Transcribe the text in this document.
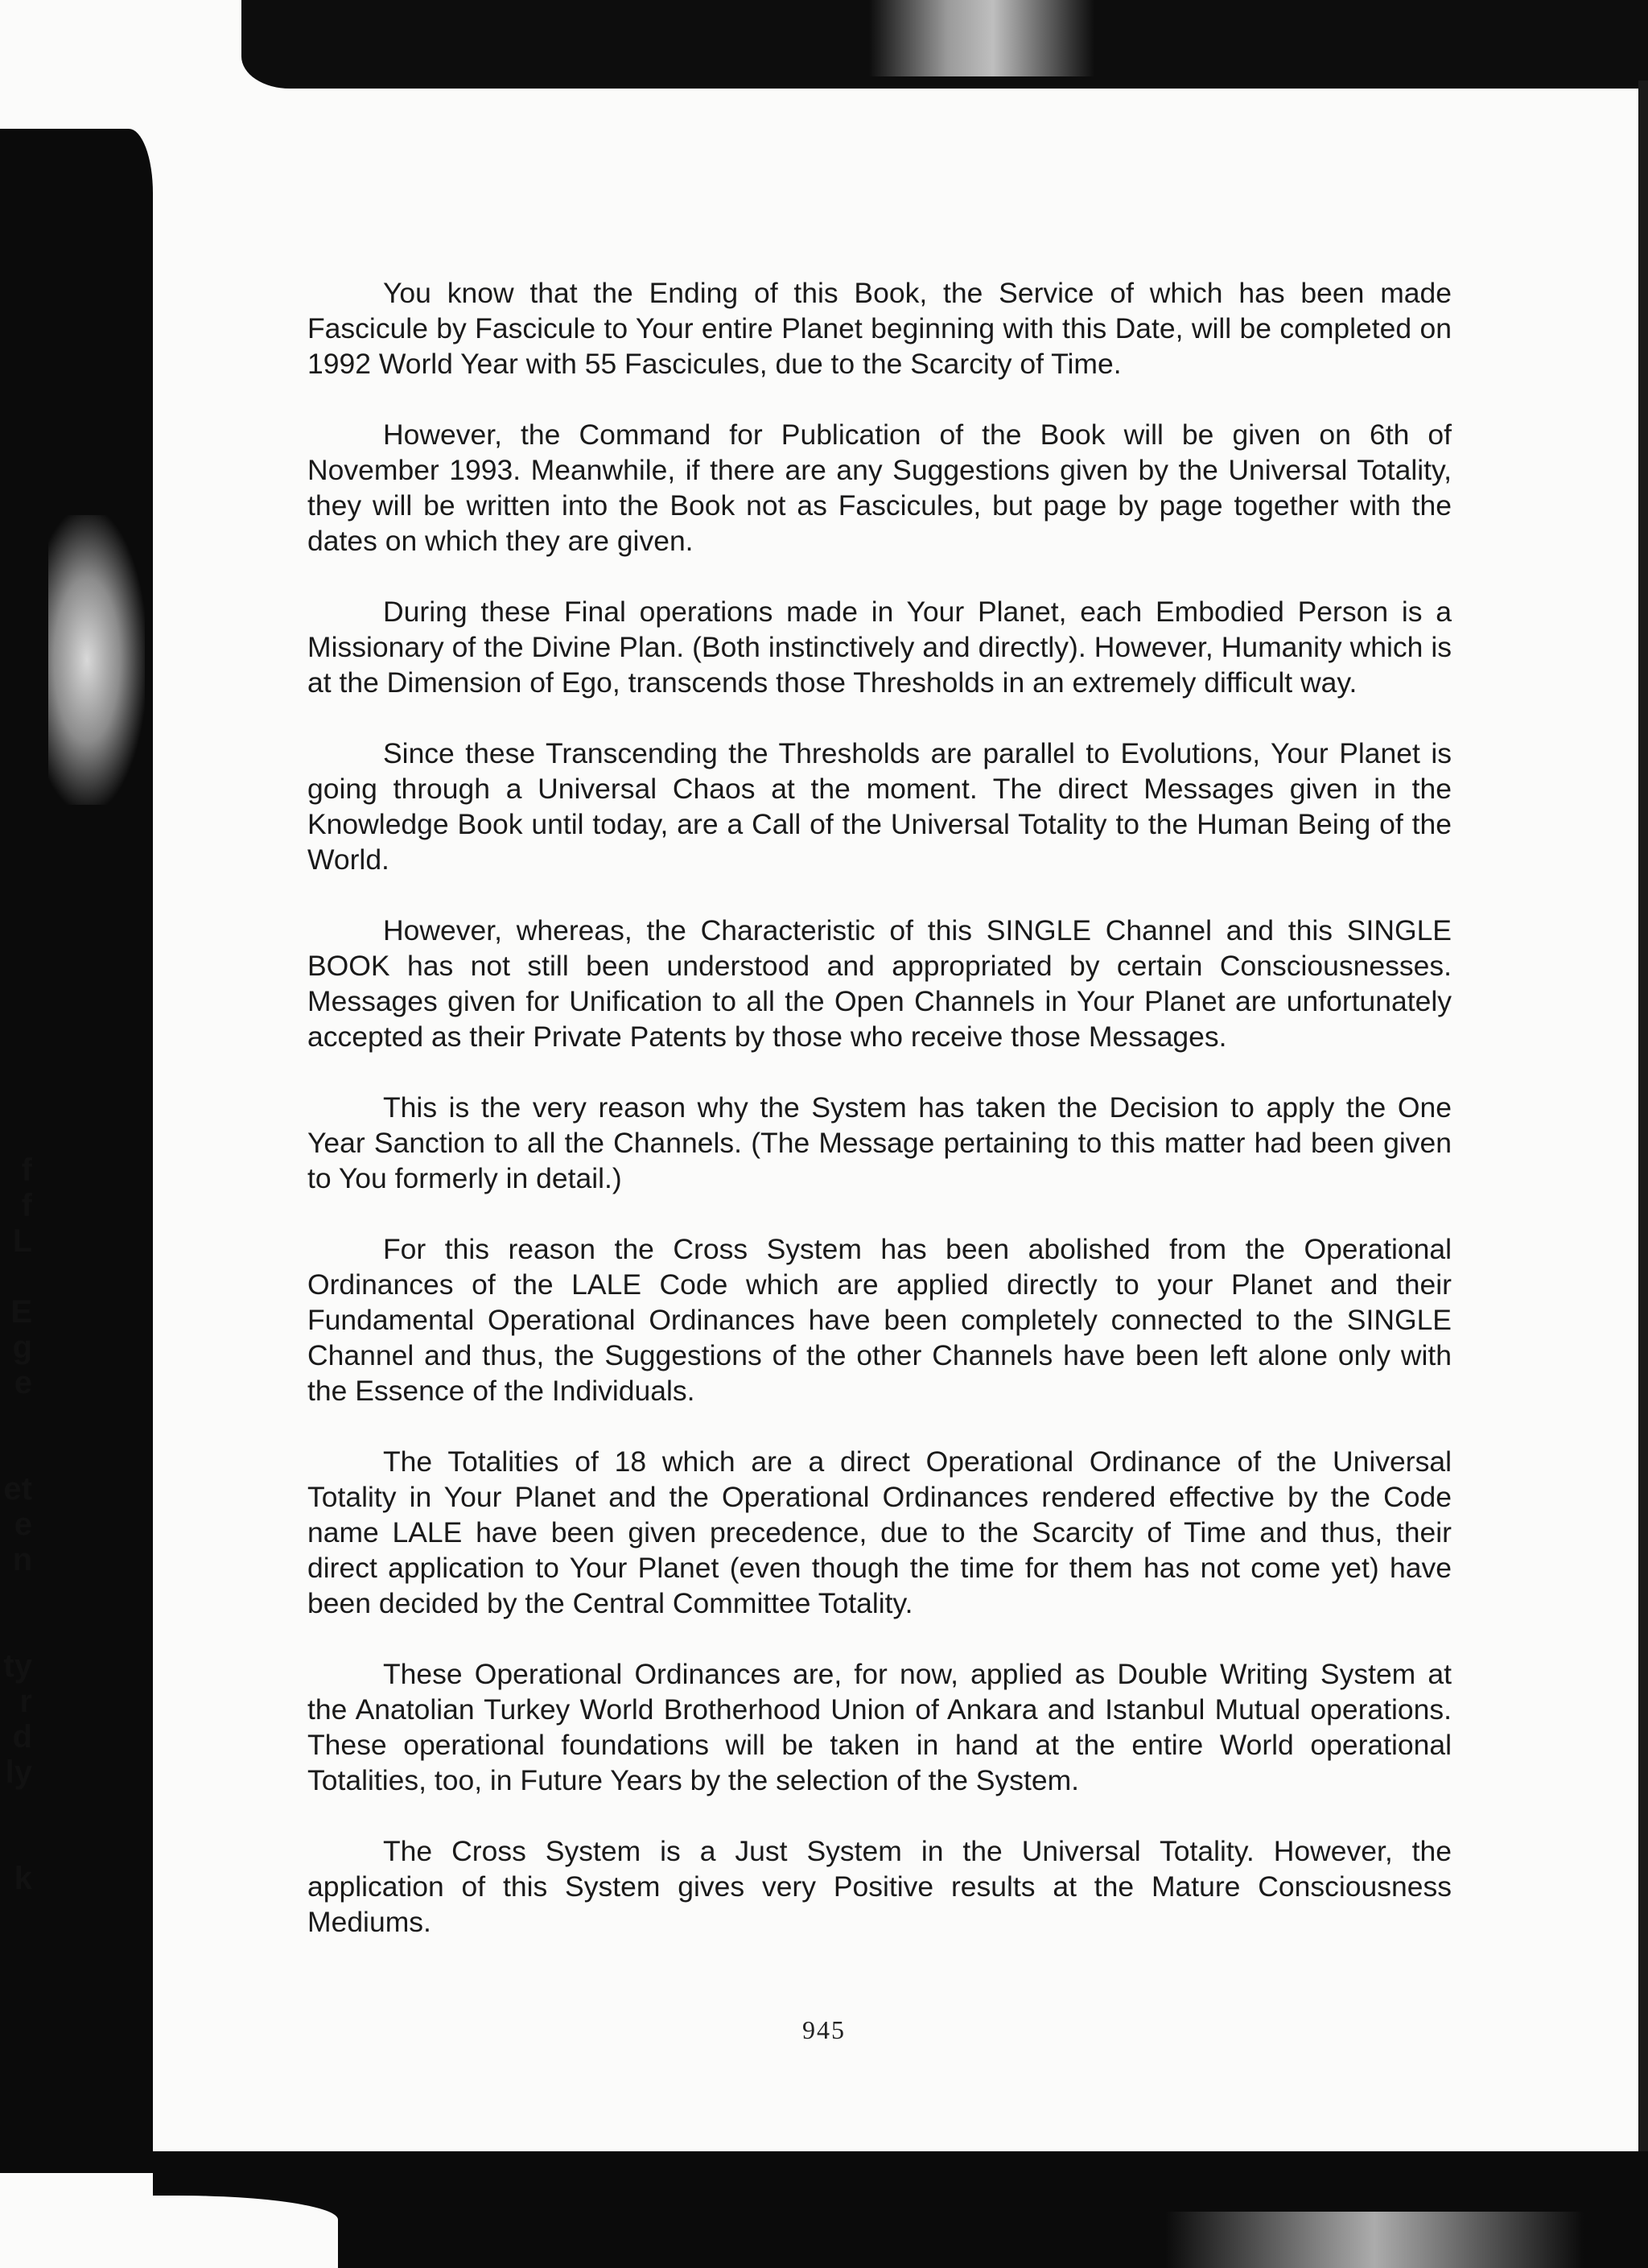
f
f
L
E
g
e
et
e
n
ty
r
d
ly
k

You know that the Ending of this Book, the Service of which has been made Fascicule by Fascicule to Your entire Planet beginning with this Date, will be completed on 1992 World Year with 55 Fascicules, due to the Scarcity of Time.

However, the Command for Publication of the Book will be given on 6th of November 1993. Meanwhile, if there are any Suggestions given by the Universal Totality, they will be written into the Book not as Fascicules, but page by page together with the dates on which they are given.

During these Final operations made in Your Planet, each Embodied Person is a Missionary of the Divine Plan. (Both instinctively and directly). However, Humanity which is at the Dimension of Ego, transcends those Thresholds in an extremely difficult way.

Since these Transcending the Thresholds are parallel to Evolutions, Your Planet is going through a Universal Chaos at the moment. The direct Messages given in the Knowledge Book until today, are a Call of the Universal Totality to the Human Being of the World.

However, whereas, the Characteristic of this SINGLE Channel and this SINGLE BOOK has not still been understood and appropriated by certain Consciousnesses. Messages given for Unification to all the Open Channels in Your Planet are unfortunately accepted as their Private Patents by those who receive those Messages.

This is the very reason why the System has taken the Decision to apply the One Year Sanction to all the Channels. (The Message pertaining to this matter had been given to You formerly in detail.)

For this reason the Cross System has been abolished from the Operational Ordinances of the LALE Code which are applied directly to your Planet and their Fundamental Operational Ordinances have been completely connected to the SINGLE Channel and thus, the Suggestions of the other Channels have been left alone only with the Essence of the Individuals.

The Totalities of 18 which are a direct Operational Ordinance of the Universal Totality in Your Planet and the Operational Ordinances rendered effective by the Code name LALE have been given precedence, due to the Scarcity of Time and thus, their direct application to Your Planet (even though the time for them has not come yet) have been decided by the Central Committee Totality.

These Operational Ordinances are, for now, applied as Double Writing System at the Anatolian Turkey World Brotherhood Union of Ankara and Istanbul Mutual operations. These operational foundations will be taken in hand at the entire World operational Totalities, too, in Future Years by the selection of the System.

The Cross System is a Just System in the Universal Totality. However, the application of this System gives very Positive results at the Mature Consciousness Mediums.

945
